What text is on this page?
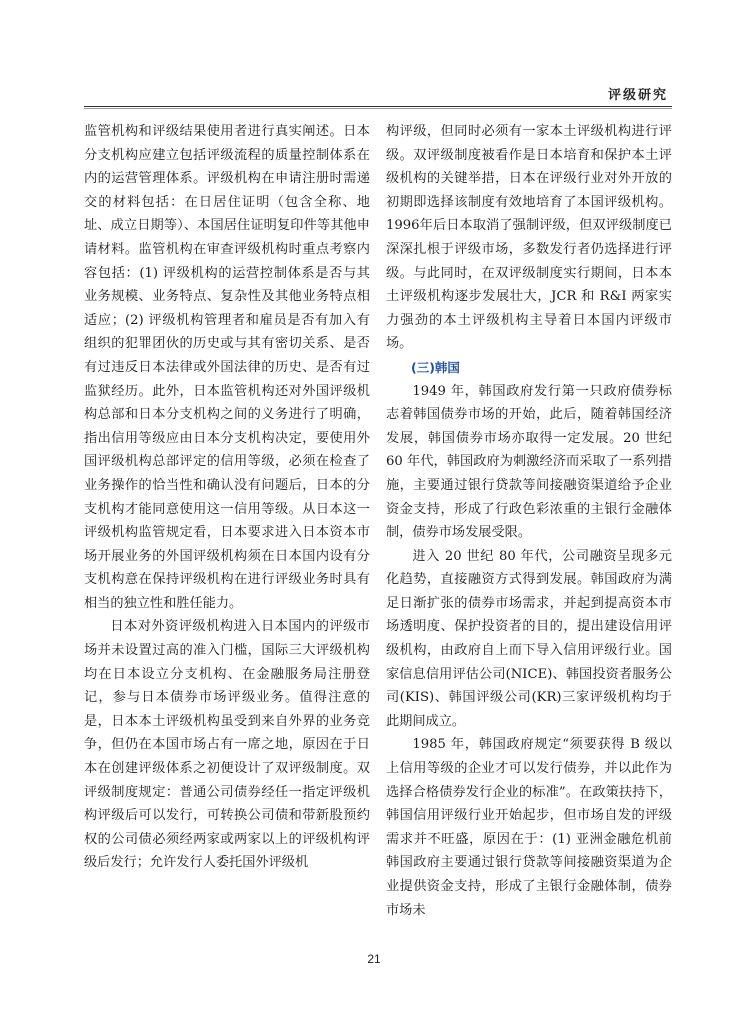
评级研究

监管机构和评级结果使用者进行真实阐述。日本分支机构应建立包括评级流程的质量控制体系在内的运营管理体系。评级机构在申请注册时需递交的材料包括：在日居住证明（包含全称、地址、成立日期等）、本国居住证明复印件等其他申请材料。监管机构在审查评级机构时重点考察内容包括：(1) 评级机构的运营控制体系是否与其业务规模、业务特点、复杂性及其他业务特点相适应；(2) 评级机构管理者和雇员是否有加入有组织的犯罪团伙的历史或与其有密切关系、是否有过违反日本法律或外国法律的历史、是否有过监狱经历。此外，日本监管机构还对外国评级机构总部和日本分支机构之间的义务进行了明确，指出信用等级应由日本分支机构决定，要使用外国评级机构总部评定的信用等级，必须在检查了业务操作的恰当性和确认没有问题后，日本的分支机构才能同意使用这一信用等级。从日本这一评级机构监管规定看，日本要求进入日本资本市场开展业务的外国评级机构须在日本国内设有分支机构意在保持评级机构在进行评级业务时具有相当的独立性和胜任能力。

日本对外资评级机构进入日本国内的评级市场并未设置过高的准入门槛，国际三大评级机构均在日本设立分支机构、在金融服务局注册登记，参与日本债券市场评级业务。值得注意的是，日本本土评级机构虽受到来自外界的业务竞争，但仍在本国市场占有一席之地，原因在于日本在创建评级体系之初便设计了双评级制度。双评级制度规定：普通公司债券经任一指定评级机构评级后可以发行，可转换公司债和带新股预约权的公司债必须经两家或两家以上的评级机构评级后发行；允许发行人委托国外评级机

构评级，但同时必须有一家本土评级机构进行评级。双评级制度被看作是日本培育和保护本土评级机构的关键举措，日本在评级行业对外开放的初期即选择该制度有效地培育了本国评级机构。1996年后日本取消了强制评级，但双评级制度已深深扎根于评级市场，多数发行者仍选择进行评级。与此同时，在双评级制度实行期间，日本本土评级机构逐步发展壮大，JCR 和 R&I 两家实力强劲的本土评级机构主导着日本国内评级市场。

(三)韩国

1949 年，韩国政府发行第一只政府债券标志着韩国债券市场的开始，此后，随着韩国经济发展，韩国债券市场亦取得一定发展。20 世纪 60 年代，韩国政府为刺激经济而采取了一系列措施，主要通过银行贷款等间接融资渠道给予企业资金支持，形成了行政色彩浓重的主银行金融体制，债券市场发展受限。

进入 20 世纪 80 年代，公司融资呈现多元化趋势，直接融资方式得到发展。韩国政府为满足日渐扩张的债券市场需求，并起到提高资本市场透明度、保护投资者的目的，提出建设信用评级机构，由政府自上而下导入信用评级行业。国家信息信用评估公司(NICE)、韩国投资者服务公司(KIS)、韩国评级公司(KR)三家评级机构均于此期间成立。

1985 年，韩国政府规定“须要获得 B 级以上信用等级的企业才可以发行债券，并以此作为选择合格债券发行企业的标准”。在政策扶持下，韩国信用评级行业开始起步，但市场自发的评级需求并不旺盛，原因在于：(1) 亚洲金融危机前韩国政府主要通过银行贷款等间接融资渠道为企业提供资金支持，形成了主银行金融体制，债券市场未

21
